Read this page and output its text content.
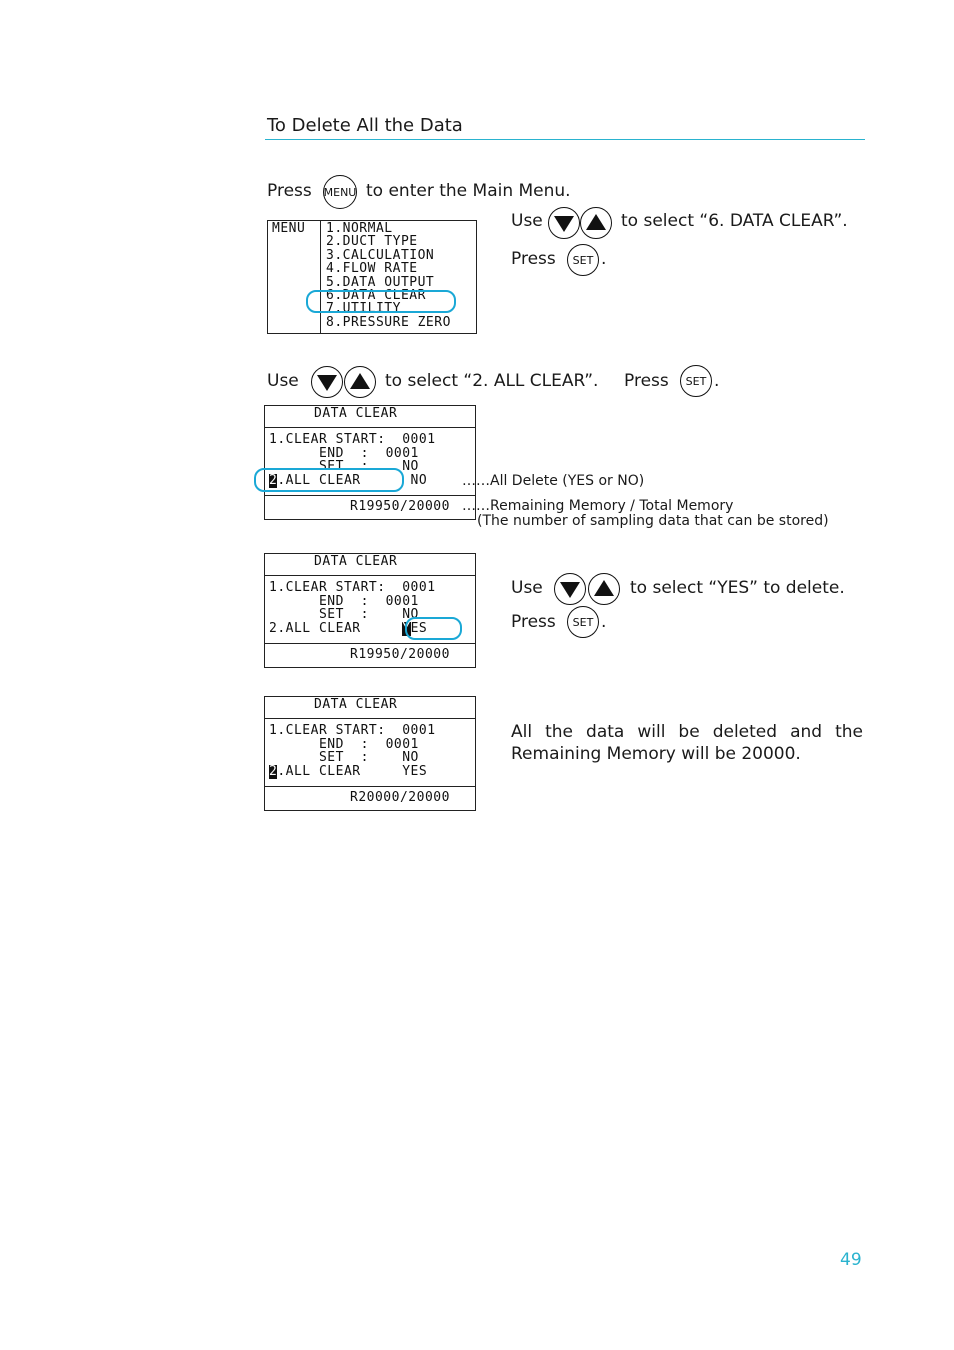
To Delete All the Data
Press MENU to enter the Main Menu.
Use	to select “6. DATA CLEAR”.
Press SET .
MENU 1.NORMAL
2.DUCT TYPE
3.CALCULATION
4.FLOW RATE
5.DATA OUTPUT
6.DATA CLEAR
7.UTILITY
8.PRESSURE ZERO
Use	to select “2. ALL CLEAR”. Press SET .
DATA CLEAR
1.CLEAR START:  0001
END  :  0001
SET  :    NO
2.ALL CLEAR      NO
R19950/20000
……All Delete (YES or NO)
……Remaining Memory / Total Memory
(The number of sampling data that can be stored)
DATA CLEAR
1.CLEAR START:  0001
END  :  0001
SET  :    NO
2.ALL CLEAR     YES
R19950/20000
Use	to select “YES” to delete.
Press SET .
DATA CLEAR
1.CLEAR START:  0001
END  :  0001
SET  :    NO
2.ALL CLEAR     YES
R20000/20000
All the data will be deleted and the Remaining Memory will be 20000.
49
